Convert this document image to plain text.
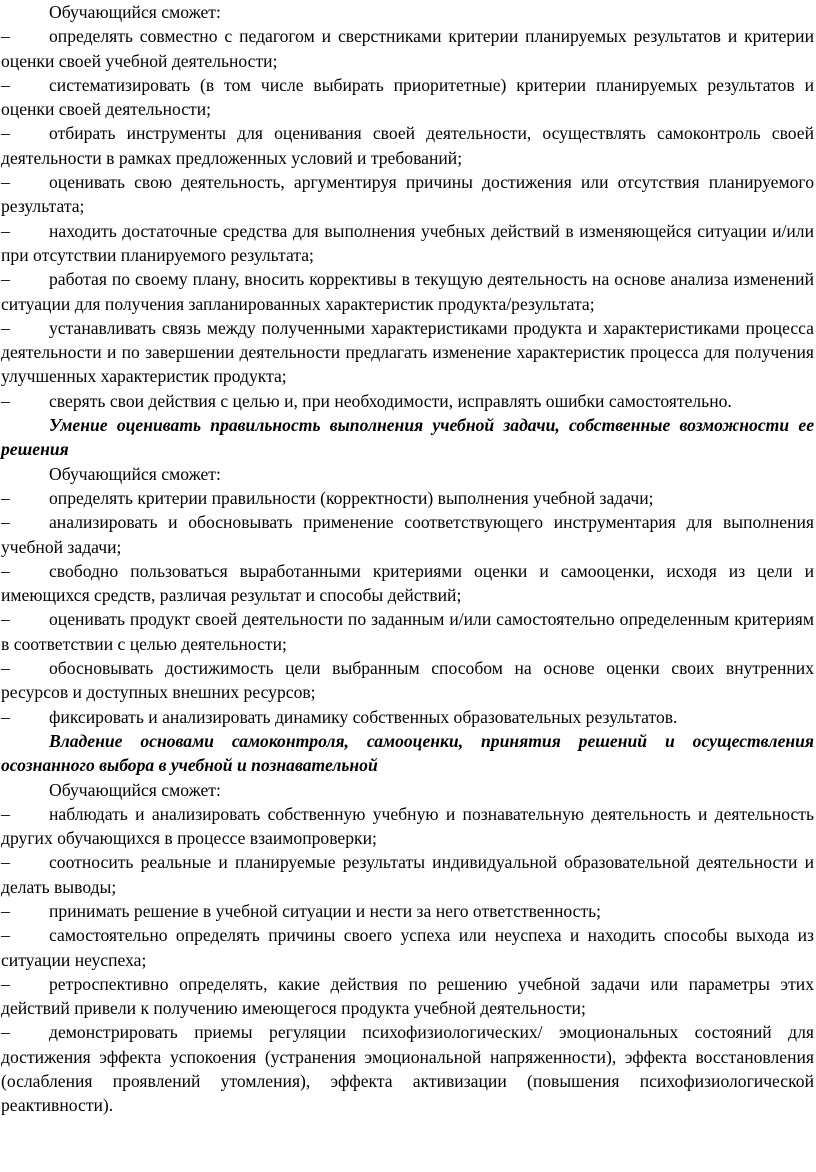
Обучающийся сможет:

– определять совместно с педагогом и сверстниками критерии планируемых результатов и критерии оценки своей учебной деятельности;

– систематизировать (в том числе выбирать приоритетные) критерии планируемых результатов и оценки своей деятельности;

– отбирать инструменты для оценивания своей деятельности, осуществлять самоконтроль своей деятельности в рамках предложенных условий и требований;

– оценивать свою деятельность, аргументируя причины достижения или отсутствия планируемого результата;

– находить достаточные средства для выполнения учебных действий в изменяющейся ситуации и/или при отсутствии планируемого результата;

– работая по своему плану, вносить коррективы в текущую деятельность на основе анализа изменений ситуации для получения запланированных характеристик продукта/результата;

– устанавливать связь между полученными характеристиками продукта и характеристиками процесса деятельности и по завершении деятельности предлагать изменение характеристик процесса для получения улучшенных характеристик продукта;

– сверять свои действия с целью и, при необходимости, исправлять ошибки самостоятельно.

Умение оценивать правильность выполнения учебной задачи, собственные возможности ее решения

Обучающийся сможет:

– определять критерии правильности (корректности) выполнения учебной задачи;

– анализировать и обосновывать применение соответствующего инструментария для выполнения учебной задачи;

– свободно пользоваться выработанными критериями оценки и самооценки, исходя из цели и имеющихся средств, различая результат и способы действий;

– оценивать продукт своей деятельности по заданным и/или самостоятельно определенным критериям в соответствии с целью деятельности;

– обосновывать достижимость цели выбранным способом на основе оценки своих внутренних ресурсов и доступных внешних ресурсов;

– фиксировать и анализировать динамику собственных образовательных результатов.

Владение основами самоконтроля, самооценки, принятия решений и осуществления осознанного выбора в учебной и познавательной

Обучающийся сможет:

– наблюдать и анализировать собственную учебную и познавательную деятельность и деятельность других обучающихся в процессе взаимопроверки;

– соотносить реальные и планируемые результаты индивидуальной образовательной деятельности и делать выводы;

– принимать решение в учебной ситуации и нести за него ответственность;

– самостоятельно определять причины своего успеха или неуспеха и находить способы выхода из ситуации неуспеха;

– ретроспективно определять, какие действия по решению учебной задачи или параметры этих действий привели к получению имеющегося продукта учебной деятельности;

– демонстрировать приемы регуляции психофизиологических/ эмоциональных состояний для достижения эффекта успокоения (устранения эмоциональной напряженности), эффекта восстановления (ослабления проявлений утомления), эффекта активизации (повышения психофизиологической реактивности).
